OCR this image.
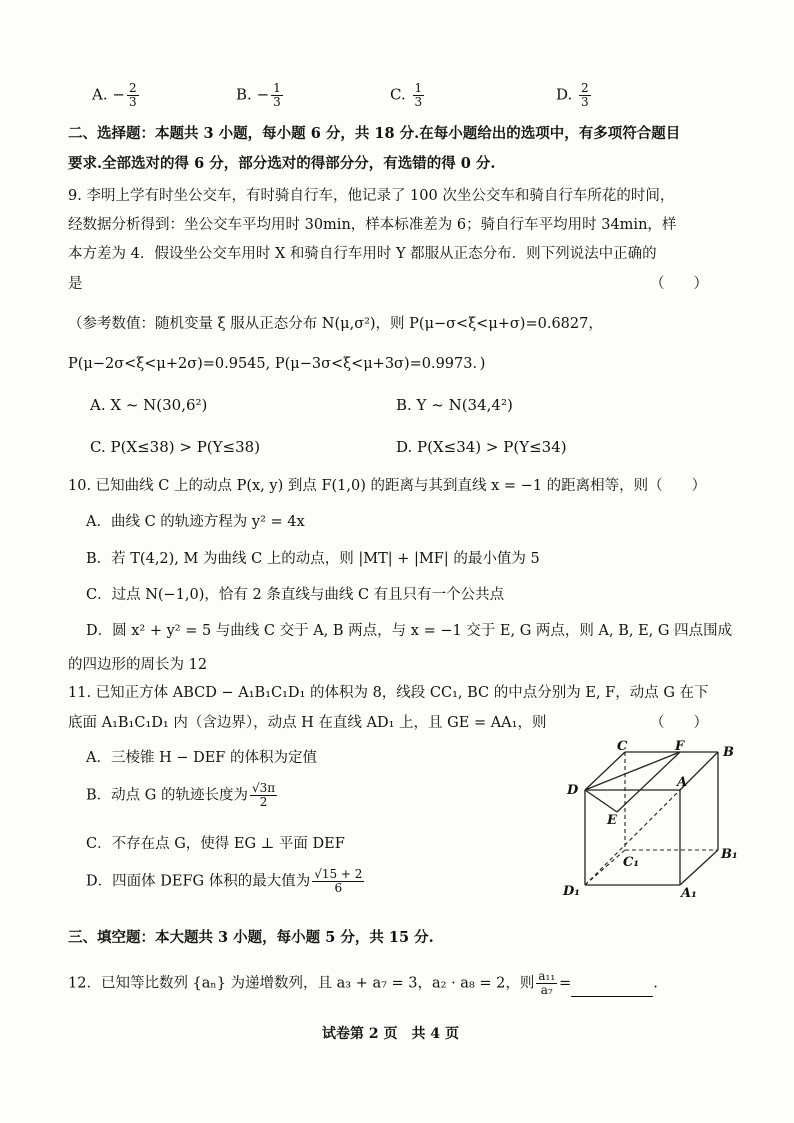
A. − $\frac{2}{3}$	B. − $\frac{1}{3}$	C. $\frac{1}{3}$	D. $\frac{2}{3}$
二、选择题：本题共 3 小题，每小题 6 分，共 18 分.在每小题给出的选项中，有多项符合题目
要求.全部选对的得 6 分，部分选对的得部分分，有选错的得 0 分.
9. 李明上学有时坐公交车，有时骑自行车，他记录了 100 次坐公交车和骑自行车所花的时间，
经数据分析得到：坐公交车平均用时 30min，样本标准差为 6；骑自行车平均用时 34min，样
本方差为 4．假设坐公交车用时 X 和骑自行车用时 Y 都服从正态分布．则下列说法中正确的
是	（　　）
（参考数值：随机变量 ξ 服从正态分布 N(μ,σ²)，则 P(μ−σ<ξ<μ+σ)=0.6827，
P(μ−2σ<ξ<μ+2σ)=0.9545, P(μ−3σ<ξ<μ+3σ)=0.9973．)
A. X ~ N(30,6²)	B. Y ~ N(34,4²)
C. P(X≤38) > P(Y≤38)	D. P(X≤34) > P(Y≤34)
10. 已知曲线 C 上的动点 P(x, y) 到点 F(1,0) 的距离与其到直线 x = −1 的距离相等，则（　　）
A．曲线 C 的轨迹方程为 y² = 4x
B．若 T(4,2), M 为曲线 C 上的动点，则 |MT| + |MF| 的最小值为 5
C．过点 N(−1,0)，恰有 2 条直线与曲线 C 有且只有一个公共点
D．圆 x² + y² = 5 与曲线 C 交于 A, B 两点，与 x = −1 交于 E, G 两点，则 A, B, E, G 四点围成
的四边形的周长为 12
11. 已知正方体 ABCD − A₁B₁C₁D₁ 的体积为 8，线段 CC₁, BC 的中点分别为 E, F，动点 G 在下
底面 A₁B₁C₁D₁ 内（含边界），动点 H 在直线 AD₁ 上，且 GE = AA₁，则	（　　）
A．三棱锥 H − DEF 的体积为定值
B．动点 G 的轨迹长度为 $\frac{√3\pi}{2}$
C．不存在点 G，使得 EG ⊥ 平面 DEF
D．四面体 DEFG 体积的最大值为 $\frac{√15 + 2}{6}$
C	F	B
D
A
E
C₁
B₁
D₁	A₁
三、填空题：本大题共 3 小题，每小题 5 分，共 15 分.
12．已知等比数列 {aₙ} 为递增数列，且 a₃ + a₇ = 3，a₂ · a₈ = 2，则 $\frac{\text{a₁₁}}{\text{a₇}}$ =	.
试卷第 2 页　共 4 页
